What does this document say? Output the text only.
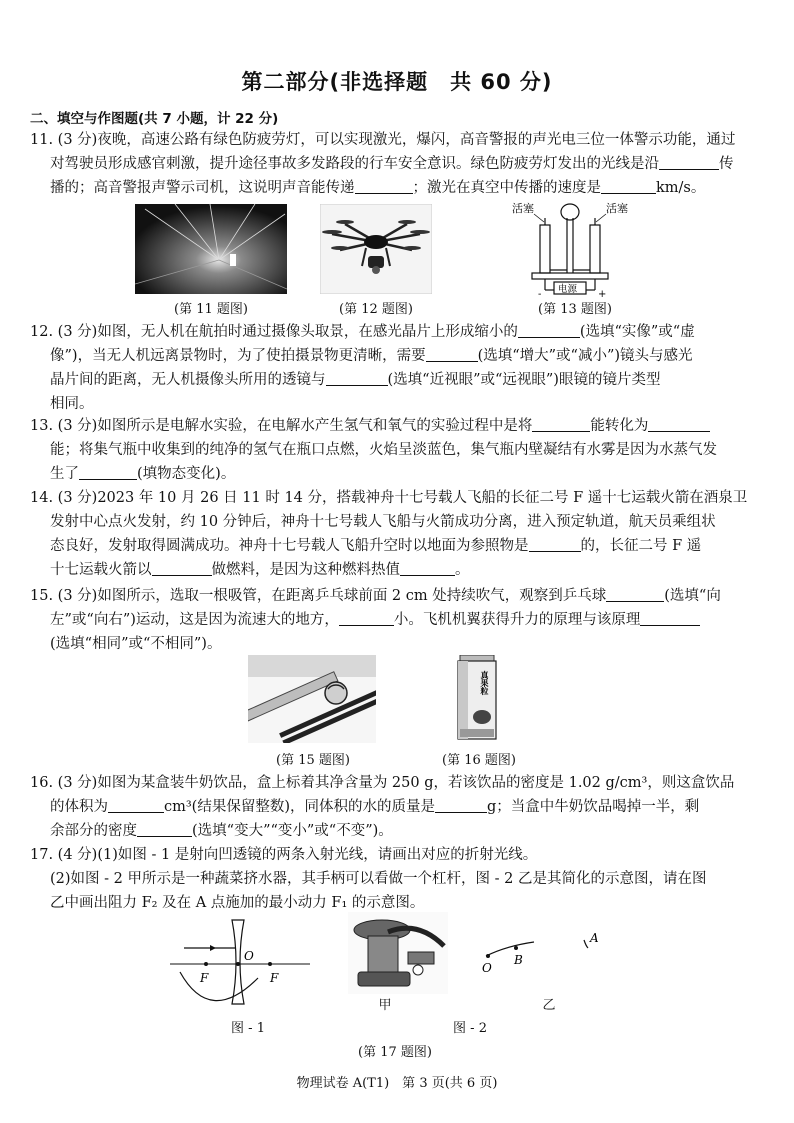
第二部分(非选择题　共 60 分)
二、填空与作图题(共 7 小题，计 22 分)
11. (3 分)夜晚，高速公路有绿色防疲劳灯，可以实现激光，爆闪，高音警报的声光电三位一体警示功能，通过
对驾驶员形成感官刺激，提升途径事故多发路段的行车安全意识。绿色防疲劳灯发出的光线是沿	传
播的；高音警报声警示司机，这说明声音能传递	；激光在真空中传播的速度是	km/s。
(第 11 题图)	(第 12 题图)
活塞	活塞
电源
-	+
(第 13 题图)
12. (3 分)如图，无人机在航拍时通过摄像头取景，在感光晶片上形成缩小的	(选填“实像”或“虚
像”)，当无人机远离景物时，为了使拍摄景物更清晰，需要	(选填“增大”或“减小”)镜头与感光
晶片间的距离，无人机摄像头所用的透镜与	(选填“近视眼”或“远视眼”)眼镜的镜片类型
相同。
13. (3 分)如图所示是电解水实验，在电解水产生氢气和氧气的实验过程中是将	能转化为
能；将集气瓶中收集到的纯净的氢气在瓶口点燃，火焰呈淡蓝色，集气瓶内壁凝结有水雾是因为水蒸气发
生了	(填物态变化)。
14. (3 分)2023 年 10 月 26 日 11 时 14 分，搭载神舟十七号载人飞船的长征二号 F 遥十七运载火箭在酒泉卫
发射中心点火发射，约 10 分钟后，神舟十七号载人飞船与火箭成功分离，进入预定轨道，航天员乘组状
态良好，发射取得圆满成功。神舟十七号载人飞船升空时以地面为参照物是	的，长征二号 F 遥
十七运载火箭以	做燃料，是因为这种燃料热值	。
15. (3 分)如图所示，选取一根吸管，在距离乒乓球前面 2 cm 处持续吹气，观察到乒乓球	(选填“向
左”或“向右”)运动，这是因为流速大的地方，	小。飞机机翼获得升力的原理与该原理
(选填“相同”或“不相同”)。
(第 15 题图)
真果粒
(第 16 题图)
16. (3 分)如图为某盒装牛奶饮品，盒上标着其净含量为 250 g，若该饮品的密度是 1.02 g/cm³，则这盒饮品
的体积为	cm³(结果保留整数)，同体积的水的质量是	g；当盒中牛奶饮品喝掉一半，剩
余部分的密度	(选填“变大”“变小”或“不变”)。
17. (4 分)(1)如图 - 1 是射向凹透镜的两条入射光线，请画出对应的折射光线。
(2)如图 - 2 甲所示是一种蔬菜挤水器，其手柄可以看做一个杠杆，图 - 2 乙是其简化的示意图，请在图
乙中画出阻力 F₂ 及在 A 点施加的最小动力 F₁ 的示意图。
F
O
F
图 - 1
甲
O
B
A
乙
图 - 2
(第 17 题图)
物理试卷 A(T1)　第 3 页(共 6 页)
